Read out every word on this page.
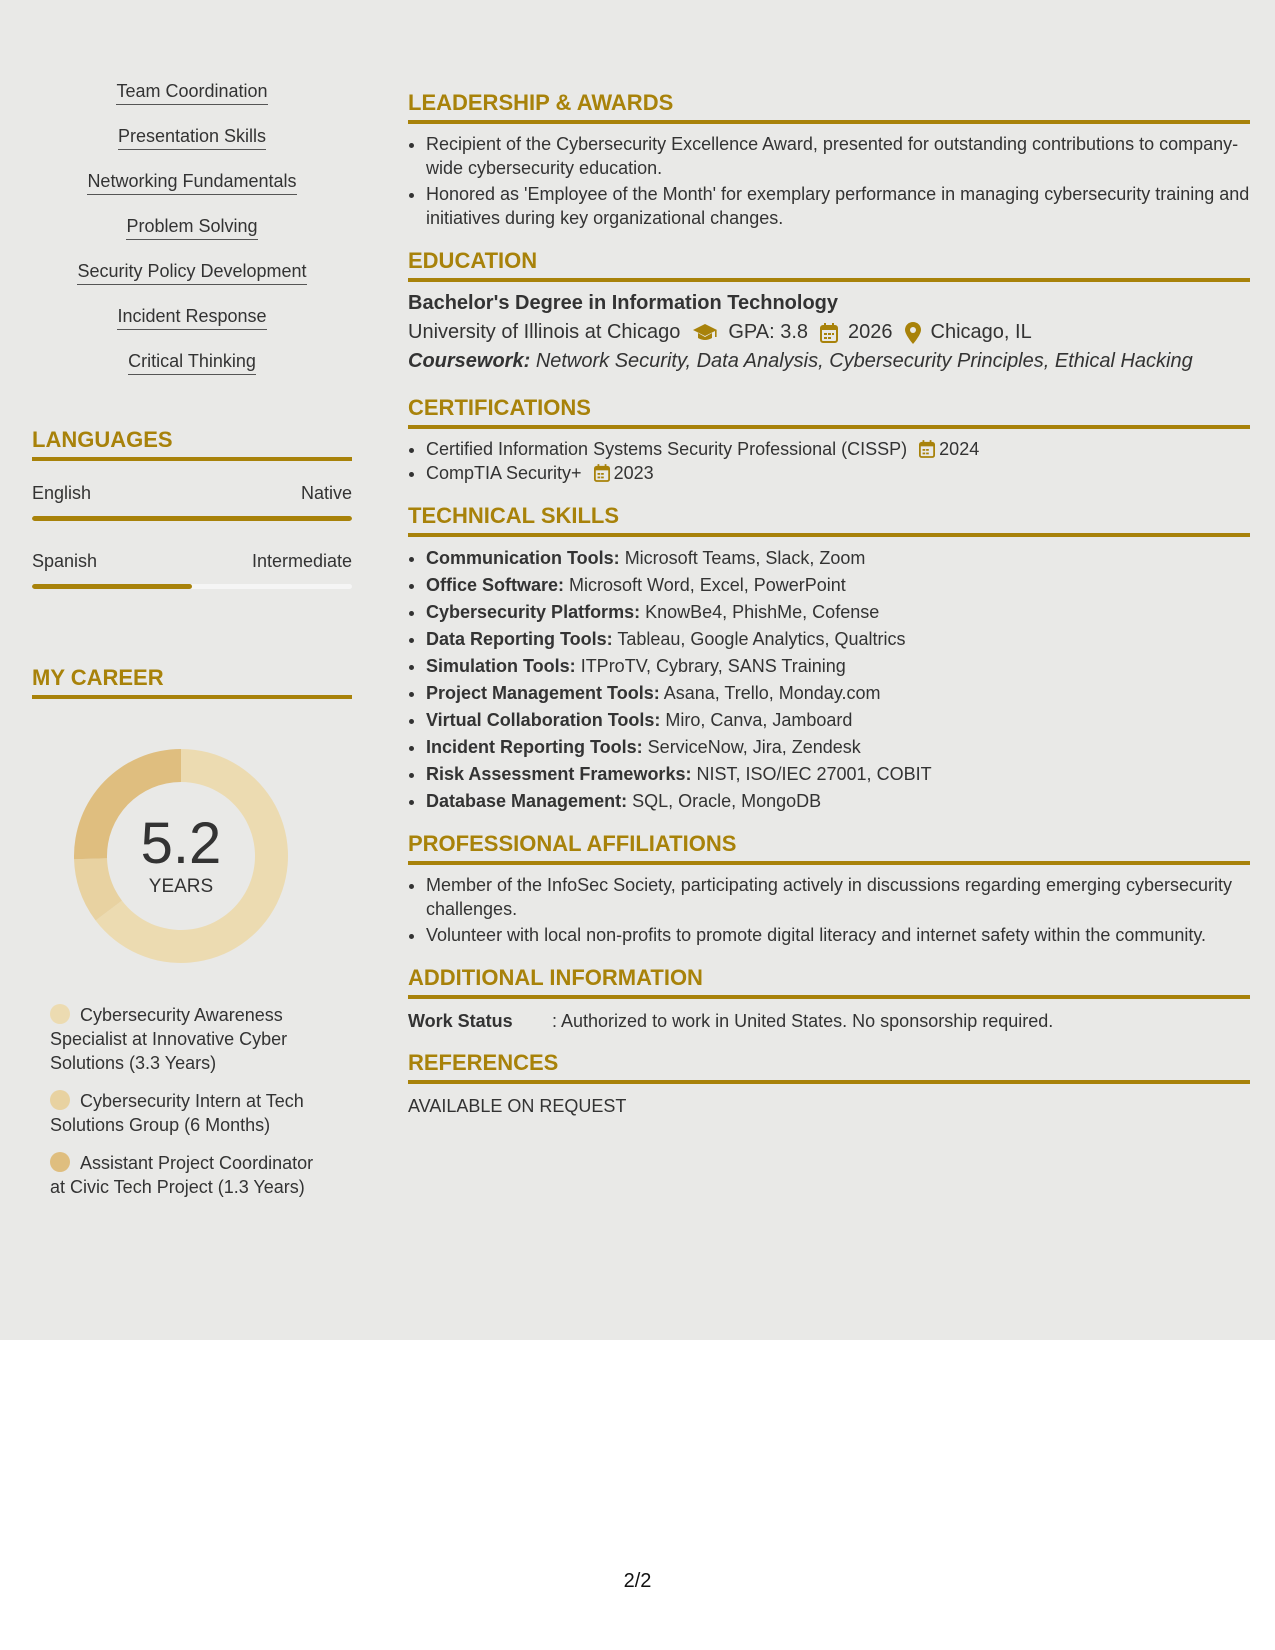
Team Coordination
Presentation Skills
Networking Fundamentals
Problem Solving
Security Policy Development
Incident Response
Critical Thinking
LANGUAGES
English	Native
Spanish	Intermediate
MY CAREER
5.2
YEARS
Cybersecurity Awareness Specialist at Innovative Cyber Solutions (3.3 Years)
Cybersecurity Intern at Tech Solutions Group (6 Months)
Assistant Project Coordinator at Civic Tech Project (1.3 Years)
LEADERSHIP & AWARDS
• Recipient of the Cybersecurity Excellence Award, presented for outstanding contributions to company-wide cybersecurity education.
• Honored as 'Employee of the Month' for exemplary performance in managing cybersecurity training and initiatives during key organizational changes.
EDUCATION
Bachelor's Degree in Information Technology
University of Illinois at Chicago GPA: 3.8 2026 Chicago, IL
Coursework: Network Security, Data Analysis, Cybersecurity Principles, Ethical Hacking
CERTIFICATIONS
• Certified Information Systems Security Professional (CISSP) 2024
• CompTIA Security+ 2023
TECHNICAL SKILLS
• Communication Tools: Microsoft Teams, Slack, Zoom
• Office Software: Microsoft Word, Excel, PowerPoint
• Cybersecurity Platforms: KnowBe4, PhishMe, Cofense
• Data Reporting Tools: Tableau, Google Analytics, Qualtrics
• Simulation Tools: ITProTV, Cybrary, SANS Training
• Project Management Tools: Asana, Trello, Monday.com
• Virtual Collaboration Tools: Miro, Canva, Jamboard
• Incident Reporting Tools: ServiceNow, Jira, Zendesk
• Risk Assessment Frameworks: NIST, ISO/IEC 27001, COBIT
• Database Management: SQL, Oracle, MongoDB
PROFESSIONAL AFFILIATIONS
• Member of the InfoSec Society, participating actively in discussions regarding emerging cybersecurity challenges.
• Volunteer with local non-profits to promote digital literacy and internet safety within the community.
ADDITIONAL INFORMATION
Work Status	: Authorized to work in United States. No sponsorship required.
REFERENCES
AVAILABLE ON REQUEST
2/2
